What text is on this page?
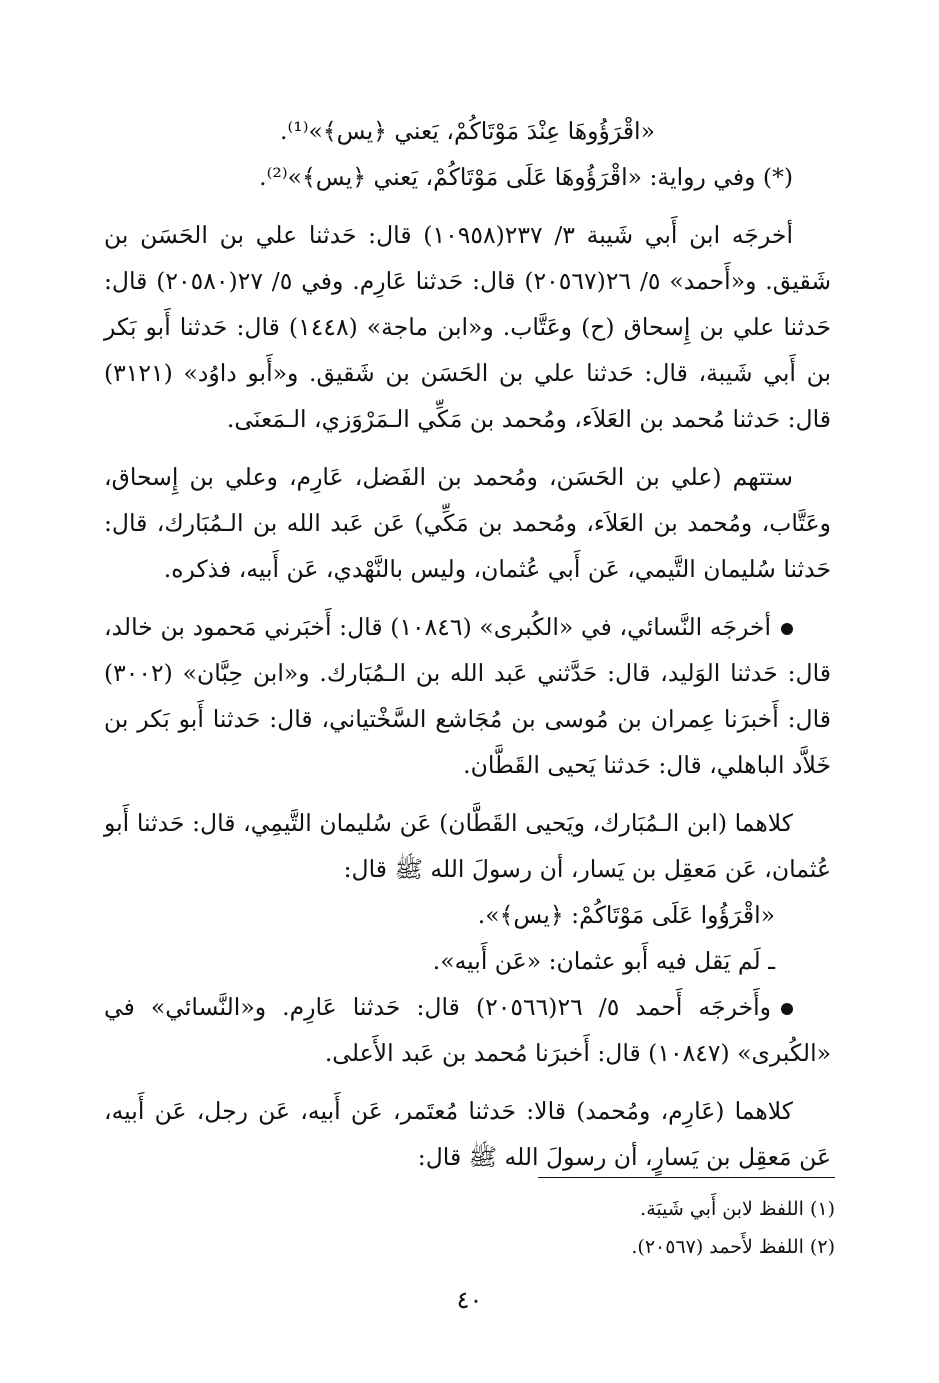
«اقْرَؤُوهَا عِنْدَ مَوْتَاكُمْ، يَعني ﴿يس﴾»⁽¹⁾.

(*) وفي رواية: «اقْرَؤُوهَا عَلَى مَوْتَاكُمْ، يَعني ﴿يس﴾»⁽²⁾.

أخرجَه ابن أَبي شَيبة ٣/ ٢٣٧(١٠٩٥٨) قال: حَدثنا علي بن الحَسَن بن شَقيق. و«أَحمد» ٥/ ٢٦(٢٠٥٦٧) قال: حَدثنا عَارِم. وفي ٥/ ٢٧(٢٠٥٨٠) قال: حَدثنا علي بن إِسحاق (ح) وعَتَّاب. و«ابن ماجة» (١٤٤٨) قال: حَدثنا أَبو بَكر بن أَبي شَيبة، قال: حَدثنا علي بن الحَسَن بن شَقيق. و«أَبو داوُد» (٣١٢١) قال: حَدثنا مُحمد بن العَلاَء، ومُحمد بن مَكِّي الـمَرْوَزي، الـمَعنَى.

ستتهم (علي بن الحَسَن، ومُحمد بن الفَضل، عَارِم، وعلي بن إِسحاق، وعَتَّاب، ومُحمد بن العَلاَء، ومُحمد بن مَكِّي) عَن عَبد الله بن الـمُبَارك، قال: حَدثنا سُليمان التَّيمي، عَن أَبي عُثمان، وليس بالنَّهْدي، عَن أَبيه، فذكره.

أخرجَه النَّسائي، في «الكُبرى» (١٠٨٤٦) قال: أَخبَرني مَحمود بن خالد، قال: حَدثنا الوَليد، قال: حَدَّثني عَبد الله بن الـمُبَارك. و«ابن حِبَّان» (٣٠٠٢) قال: أَخبرَنا عِمران بن مُوسى بن مُجَاشع السَّخْتياني، قال: حَدثنا أَبو بَكر بن خَلاَّد الباهلي، قال: حَدثنا يَحيى القَطَّان.

كلاهما (ابن الـمُبَارك، ويَحيى القَطَّان) عَن سُليمان التَّيمِي، قال: حَدثنا أَبو عُثمان، عَن مَعقِل بن يَسار، أن رسولَ الله ﷺ قال:

«اقْرَؤُوا عَلَى مَوْتَاكُمْ: ﴿يس﴾».

ـ لَم يَقل فيه أَبو عثمان: «عَن أَبيه».

وأَخرجَه أَحمد ٥/ ٢٦(٢٠٥٦٦) قال: حَدثنا عَارِم. و«النَّسائي» في «الكُبرى» (١٠٨٤٧) قال: أَخبرَنا مُحمد بن عَبد الأَعلى.

كلاهما (عَارِم، ومُحمد) قالا: حَدثنا مُعتَمر، عَن أَبيه، عَن رجل، عَن أَبيه، عَن مَعقِل بن يَسارٍ، أن رسولَ الله ﷺ قال:

(١) اللفظ لابن أَبي شَيبَة.

(٢) اللفظ لأَحمد (٢٠٥٦٧).

٤٠
